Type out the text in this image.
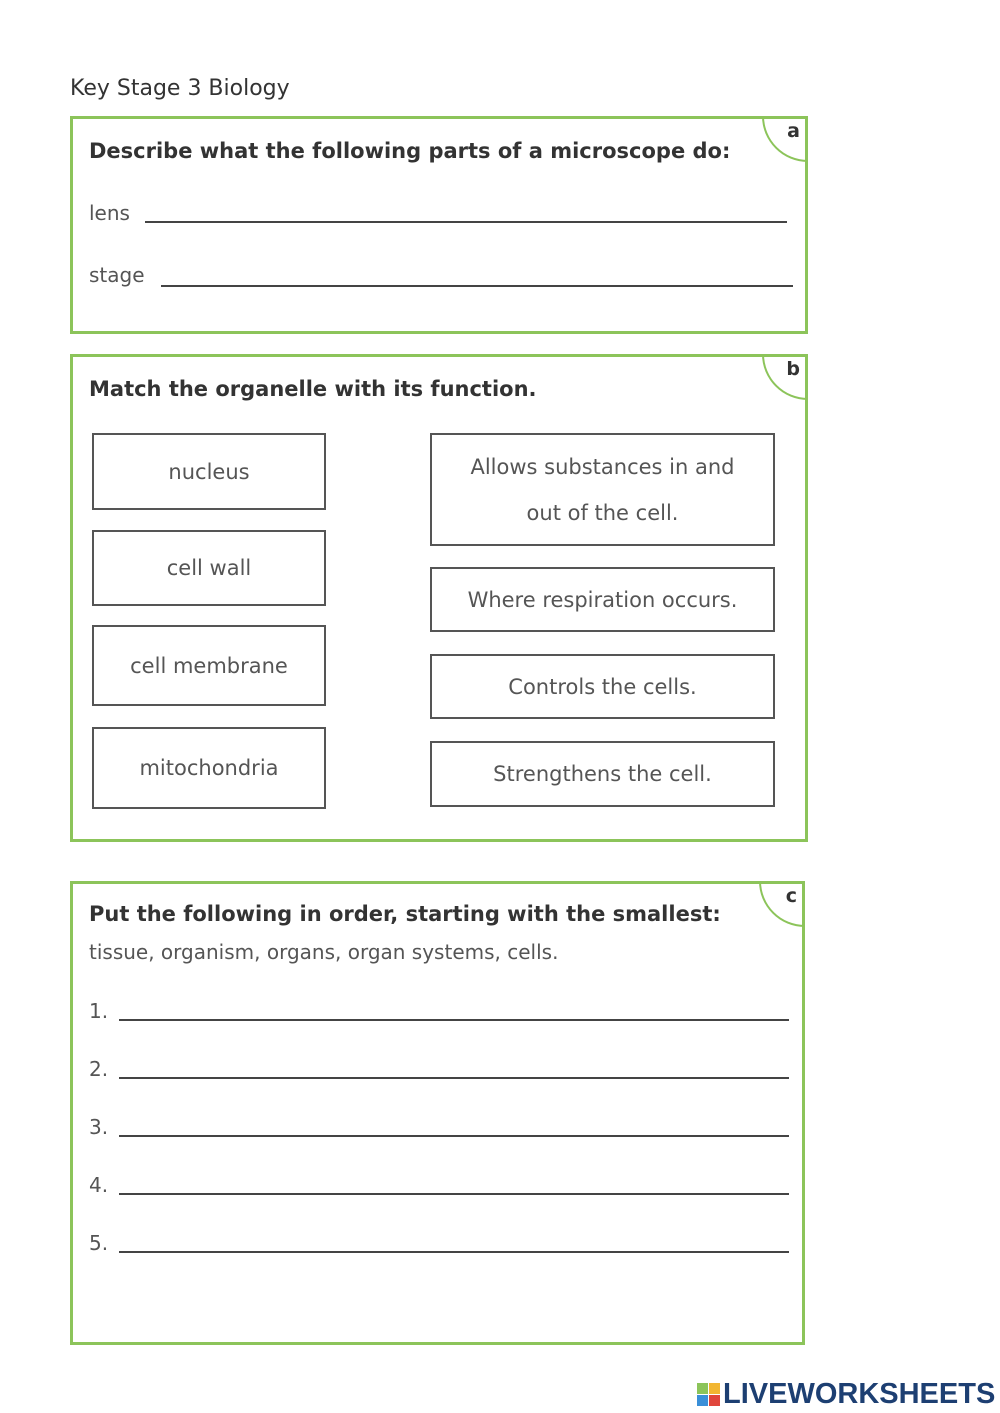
Key Stage 3 Biology
a
Describe what the following parts of a microscope do:
lens
stage
b
Match the organelle with its function.
nucleus
cell wall
cell membrane
mitochondria
Allows substances in and out of the cell.
Where respiration occurs.
Controls the cells.
Strengthens the cell.
c
Put the following in order, starting with the smallest:
tissue, organism, organs, organ systems, cells.
1.
2.
3.
4.
5.
LIVEWORKSHEETS
